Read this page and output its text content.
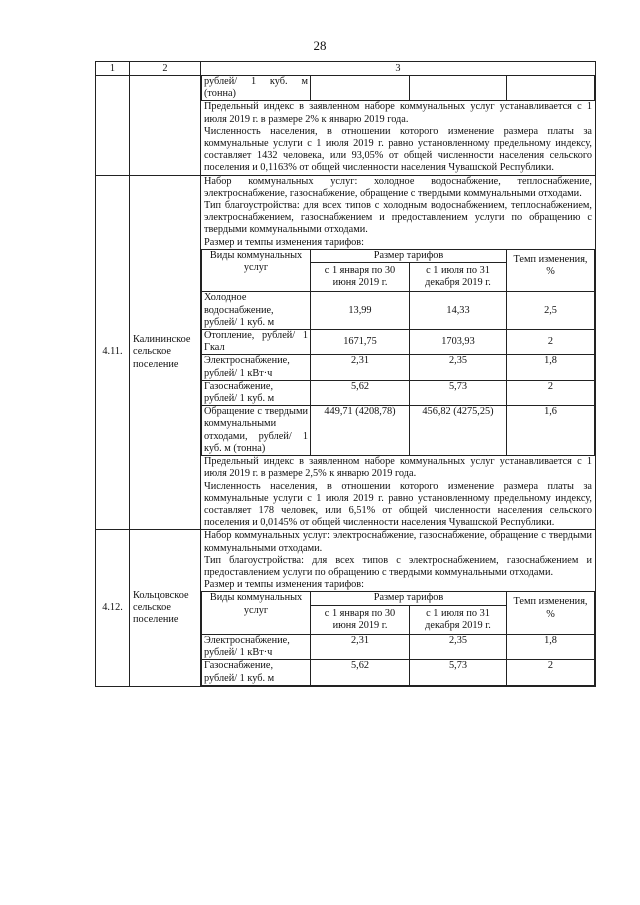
28
1	2	3

рублей/ 1 куб. м (тонна)			

Предельный индекс в заявленном наборе коммунальных услуг устанавливается с 1 июля 2019 г. в размере 2% к январю 2019 года.

Численность населения, в отношении которого изменение размера платы за коммунальные услуги с 1 июля 2019 г. равно установленному предельному индексу, составляет 1432 человека, или 93,05% от общей численности населения сельского поселения и 0,1163% от общей численности населения Чувашской Республики.

4.11.	Калининское сельское поселение	

Набор коммунальных услуг: холодное водоснабжение, теплоснабжение, электроснабжение, газоснабжение, обращение с твердыми коммунальными отходами.

Тип благоустройства: для всех типов с холодным водоснабжением, теплоснабжением, электроснабжением, газоснабжением и предоставлением услуги по обращению с твердыми коммунальными отходами.

Размер и темпы изменения тарифов:

Виды коммунальных услуг	Размер тарифов	Темп изменения, %
с 1 января по 30 июня 2019 г.	с 1 июля по 31 декабря 2019 г.
Холодное водоснабжение, рублей/ 1 куб. м	13,99	14,33	2,5
Отопление, рублей/ 1 Гкал	1671,75	1703,93	2
Электроснабжение, рублей/ 1 кВт·ч	2,31	2,35	1,8
Газоснабжение, рублей/ 1 куб. м	5,62	5,73	2
Обращение с твердыми коммунальными отходами, рублей/ 1 куб. м (тонна)	449,71 (4208,78)	456,82 (4275,25)	1,6

Предельный индекс в заявленном наборе коммунальных услуг устанавливается с 1 июля 2019 г. в размере 2,5% к январю 2019 года.

Численность населения, в отношении которого изменение размера платы за коммунальные услуги с 1 июля 2019 г. равно установленному предельному индексу, составляет 178 человек, или 6,51% от общей численности населения сельского поселения и 0,0145% от общей численности населения Чувашской Республики.

4.12.	Кольцовское сельское поселение	

Набор коммунальных услуг: электроснабжение, газоснабжение, обращение с твердыми коммунальными отходами.

Тип благоустройства: для всех типов с электроснабжением, газоснабжением и предоставлением услуги по обращению с твердыми коммунальными отходами.

Размер и темпы изменения тарифов:

Виды коммунальных услуг	Размер тарифов	Темп изменения, %
с 1 января по 30 июня 2019 г.	с 1 июля по 31 декабря 2019 г.
Электроснабжение, рублей/ 1 кВт·ч	2,31	2,35	1,8
Газоснабжение, рублей/ 1 куб. м	5,62	5,73	2
